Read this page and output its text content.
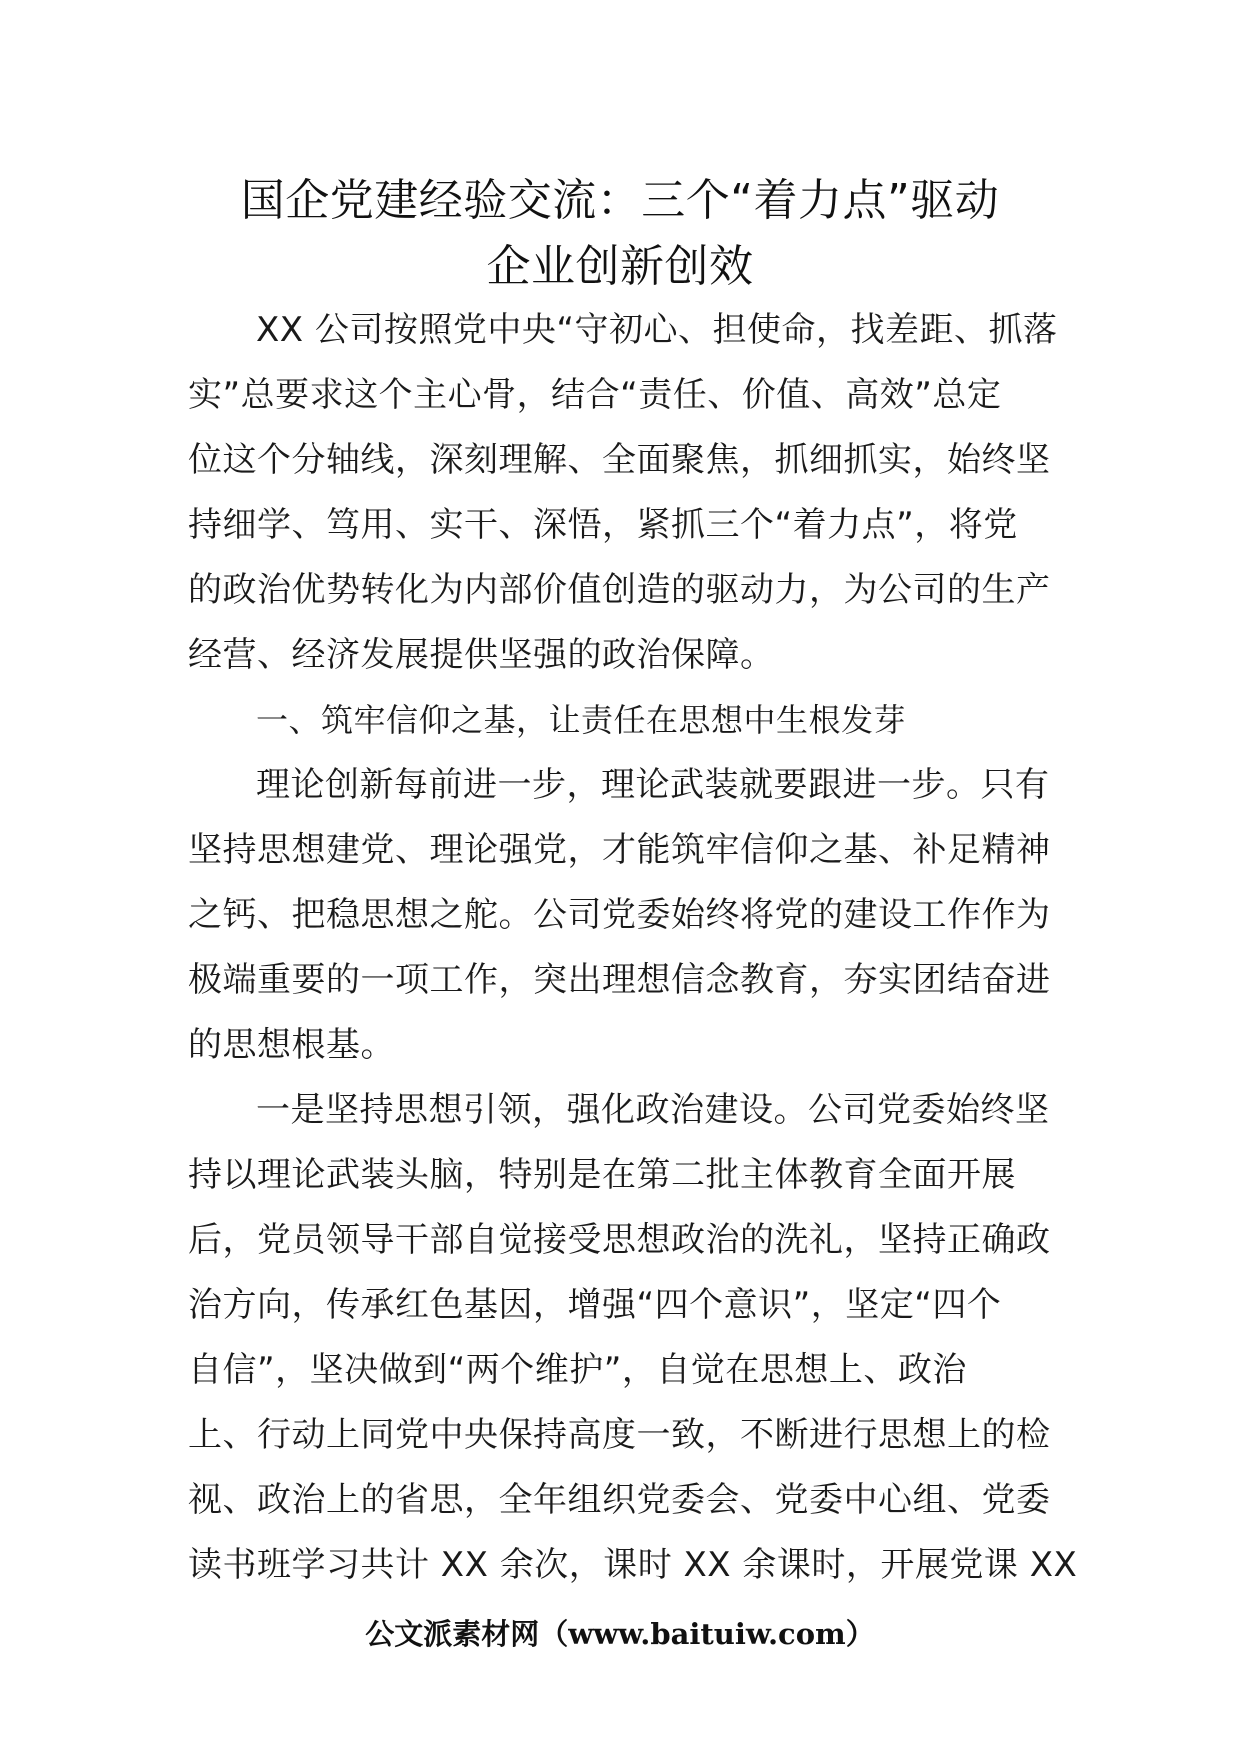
国企党建经验交流：三个“着力点”驱动
企业创新创效
XX 公司按照党中央“守初心、担使命，找差距、抓落
实”总要求这个主心骨，结合“责任、价值、高效”总定
位这个分轴线，深刻理解、全面聚焦，抓细抓实，始终坚
持细学、笃用、实干、深悟，紧抓三个“着力点”，将党
的政治优势转化为内部价值创造的驱动力，为公司的生产
经营、经济发展提供坚强的政治保障。
一、筑牢信仰之基，让责任在思想中生根发芽
理论创新每前进一步，理论武装就要跟进一步。只有
坚持思想建党、理论强党，才能筑牢信仰之基、补足精神
之钙、把稳思想之舵。公司党委始终将党的建设工作作为
极端重要的一项工作，突出理想信念教育，夯实团结奋进
的思想根基。
一是坚持思想引领，强化政治建设。公司党委始终坚
持以理论武装头脑，特别是在第二批主体教育全面开展
后，党员领导干部自觉接受思想政治的洗礼，坚持正确政
治方向，传承红色基因，增强“四个意识”，坚定“四个
自信”，坚决做到“两个维护”，自觉在思想上、政治
上、行动上同党中央保持高度一致，不断进行思想上的检
视、政治上的省思，全年组织党委会、党委中心组、党委
读书班学习共计 XX 余次，课时 XX 余课时，开展党课 XX
公文派素材网（www.baituiw.com）
